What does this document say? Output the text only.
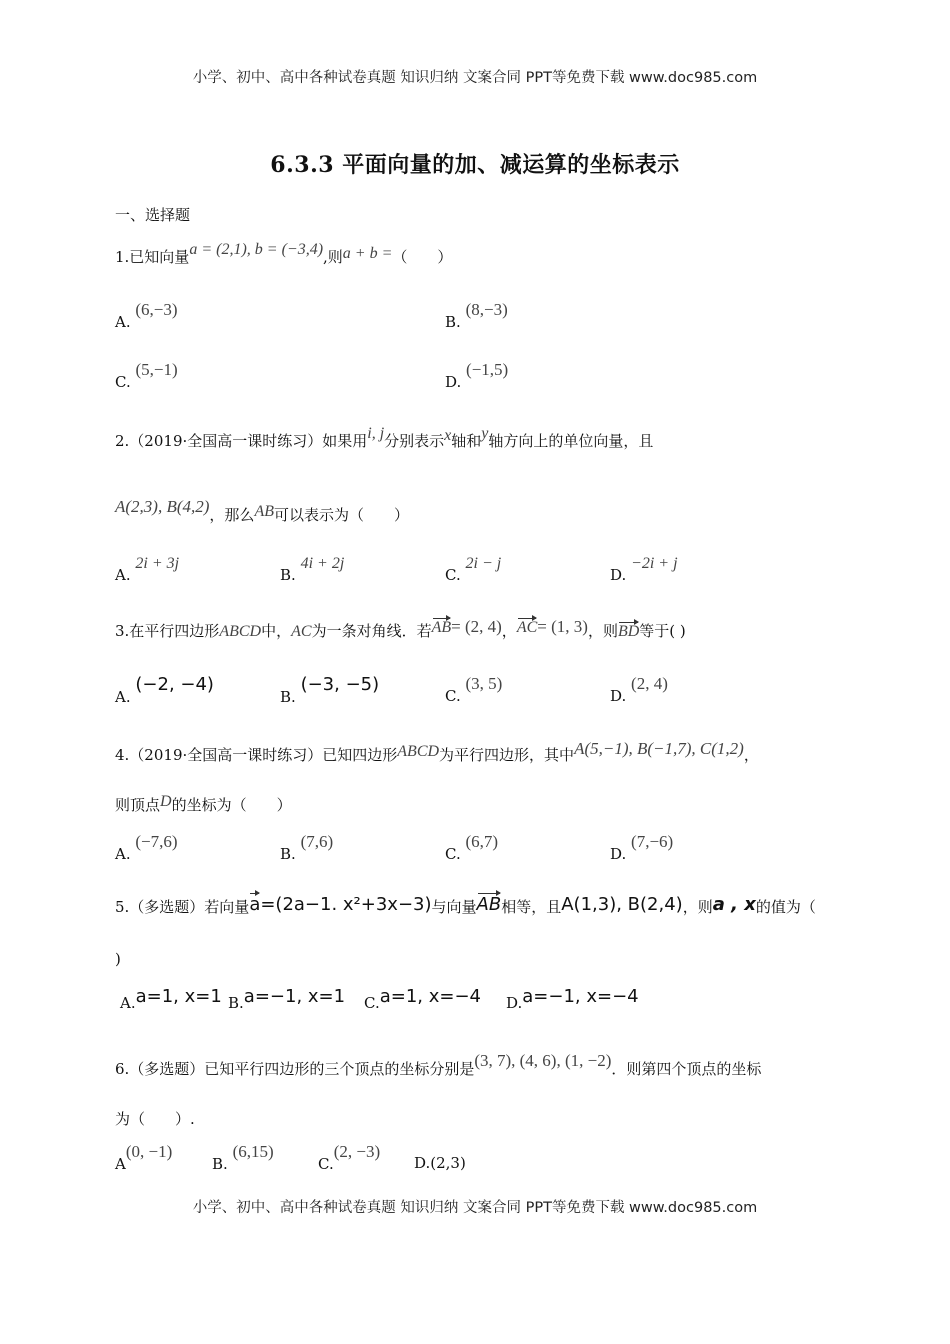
小学、初中、高中各种试卷真题 知识归纳 文案合同 PPT等免费下载 www.doc985.com
6.3.3 平面向量的加、减运算的坐标表示
一、选择题
1.已知向量a = (2,1), b = (−3,4),则a + b =（　　）
A. (6,−3)
B. (8,−3)
C. (5,−1)
D. (−1,5)
2.（2019·全国高一课时练习）如果用i, j分别表示x轴和y轴方向上的单位向量，且
A(2,3), B(4,2)，那么AB可以表示为（　　）
A. 2i + 3j
B. 4i + 2j
C. 2i − j
D. −2i + j
3.在平行四边形ABCD中，AC为一条对角线．若AB= (2, 4)，AC= (1, 3)，则BD等于( )
A. (−2, −4)
B. (−3, −5)
C. (3, 5)
D. (2, 4)
4.（2019·全国高一课时练习）已知四边形ABCD为平行四边形，其中A(5,−1), B(−1,7), C(1,2)，
则顶点D的坐标为（　　）
A. (−7,6)
B. (7,6)
C. (6,7)
D. (7,−6)
5.（多选题）若向量a=(2a−1. x²+3x−3)与向量AB相等，且A(1,3), B(2,4)，则a , x的值为（
)
A.a=1, x=1 B.a=−1, x=1 C.a=1, x=−4 D.a=−1, x=−4
6.（多选题）已知平行四边形的三个顶点的坐标分别是(3, 7), (4, 6), (1, −2)．则第四个顶点的坐标
为（　　）.
A(0, −1)
B. (6,15)
C.(2, −3)
D.(2,3)
小学、初中、高中各种试卷真题 知识归纳 文案合同 PPT等免费下载 www.doc985.com
